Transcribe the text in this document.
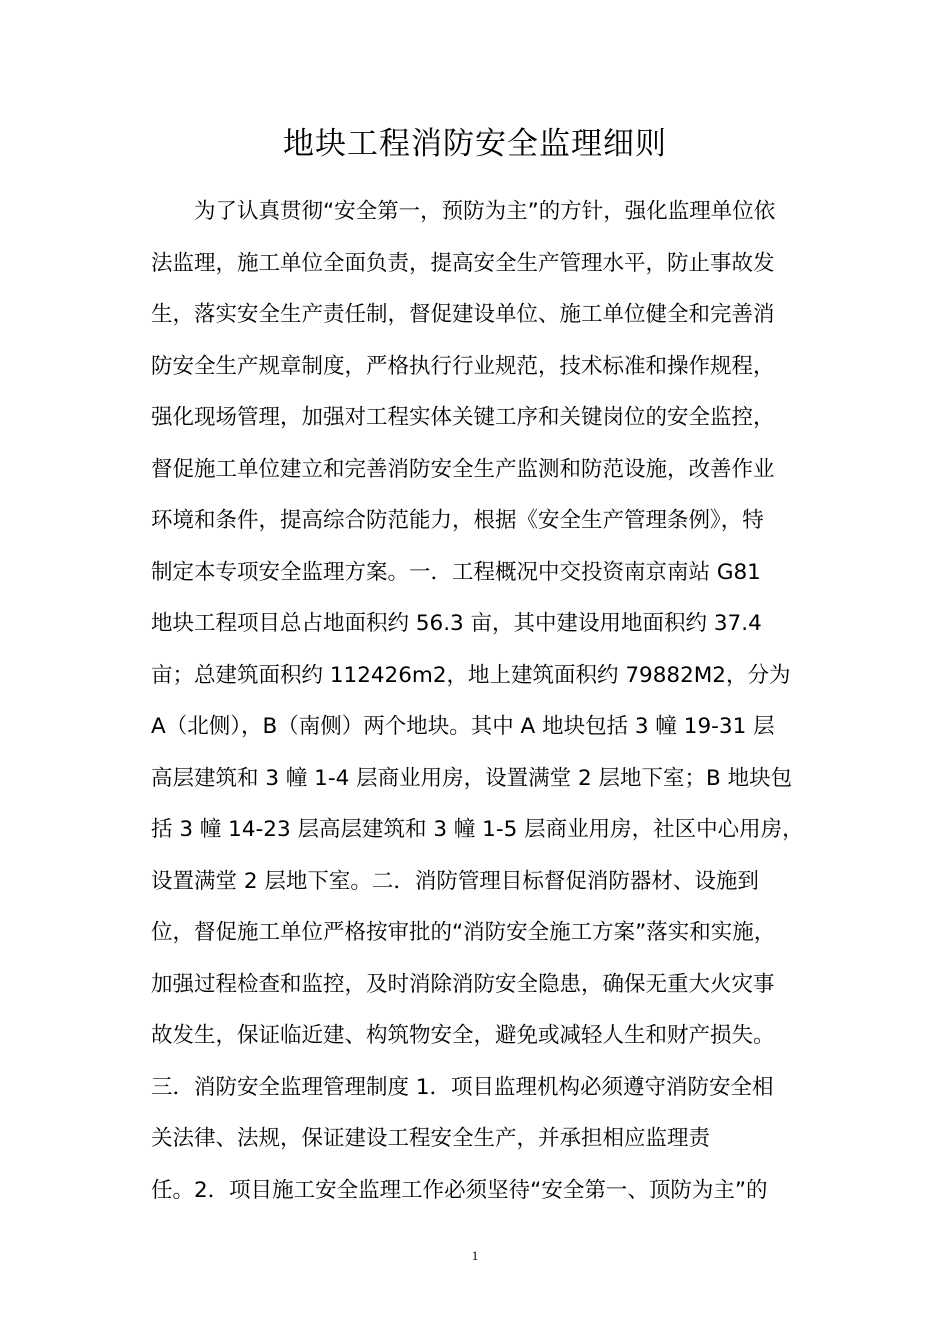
地块工程消防安全监理细则
为了认真贯彻“安全第一，预防为主”的方针，强化监理单位依
法监理，施工单位全面负责，提高安全生产管理水平，防止事故发
生，落实安全生产责任制，督促建设单位、施工单位健全和完善消
防安全生产规章制度，严格执行行业规范，技术标准和操作规程，
强化现场管理，加强对工程实体关键工序和关键岗位的安全监控，
督促施工单位建立和完善消防安全生产监测和防范设施，改善作业
环境和条件，提高综合防范能力，根据《安全生产管理条例》，特
制定本专项安全监理方案。一．工程概况中交投资南京南站 G81
地块工程项目总占地面积约 56.3 亩，其中建设用地面积约 37.4
亩；总建筑面积约 112426m2，地上建筑面积约 79882M2，分为
A（北侧），B（南侧）两个地块。其中 A 地块包括 3 幢 19-31 层
高层建筑和 3 幢 1-4 层商业用房，设置满堂 2 层地下室；B 地块包
括 3 幢 14-23 层高层建筑和 3 幢 1-5 层商业用房，社区中心用房，
设置满堂 2 层地下室。二．消防管理目标督促消防器材、设施到
位，督促施工单位严格按审批的“消防安全施工方案”落实和实施，
加强过程检查和监控，及时消除消防安全隐患，确保无重大火灾事
故发生，保证临近建、构筑物安全，避免或减轻人生和财产损失。
三．消防安全监理管理制度 1．项目监理机构必须遵守消防安全相
关法律、法规，保证建设工程安全生产，并承担相应监理责
任。2．项目施工安全监理工作必须坚待“安全第一、顶防为主”的
1
